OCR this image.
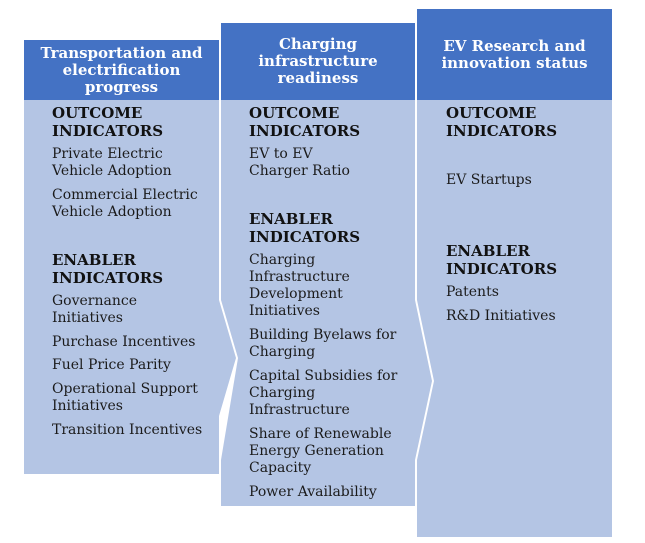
Transportation and electrification progress
Charging infrastructure readiness
EV Research and innovation status
OUTCOME INDICATORS
Private Electric Vehicle Adoption
Commercial Electric Vehicle Adoption
ENABLER INDICATORS
Governance Initiatives
Purchase Incentives
Fuel Price Parity
Operational Support Initiatives
Transition Incentives
OUTCOME INDICATORS
EV to EV Charger Ratio
ENABLER INDICATORS
Charging Infrastructure Development Initiatives
Building Byelaws for Charging
Capital Subsidies for Charging Infrastructure
Share of Renewable Energy Generation Capacity
Power Availability
OUTCOME INDICATORS
EV Startups
ENABLER INDICATORS
Patents
R&D Initiatives
